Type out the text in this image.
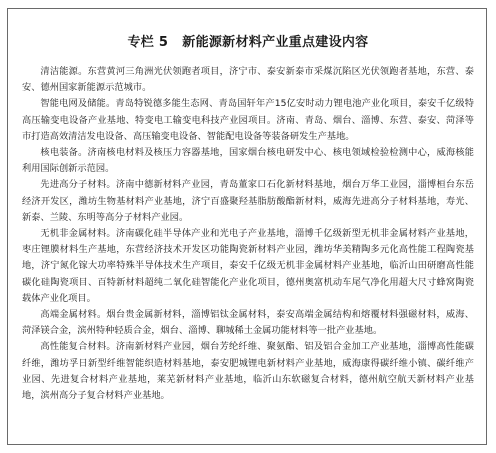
专栏 5 新能源新材料产业重点建设内容

清洁能源。东营黄河三角洲光伏领跑者项目，济宁市、泰安新泰市采煤沉陷区光伏领跑者基地，东营、泰安、德州国家新能源示范城市。

智能电网及储能。青岛特锐德多能生态网、青岛国轩年产15亿安时动力锂电池产业化项目，泰安千亿级特高压输变电设备产业基地、特变电工输变电科技产业园项目。济南、青岛、烟台、淄博、东营、泰安、菏泽等市打造高效清洁发电设备、高压输变电设备、智能配电设备等装备研发生产基地。

核电装备。济南核电材料及核压力容器基地，国家烟台核电研发中心、核电领域检验检测中心，威海核能利用国际创新示范园。

先进高分子材料。济南中德新材料产业园，青岛董家口石化新材料基地，烟台万华工业园，淄博桓台东岳经济开发区，潍坊生物基材料产业基地，济宁百盛聚羟基脂肪酸酯新材料，威海先进高分子材料基地，寿光、新泰、兰陵、东明等高分子材料产业园。

无机非金属材料。济南碳化硅半导体产业和光电子产业基地，淄博千亿级新型无机非金属材料产业基地，枣庄锂膜材料生产基地，东营经济技术开发区功能陶瓷新材料产业园，潍坊华美精陶多元化高性能工程陶瓷基地，济宁氮化镓大功率特殊半导体技术生产项目，泰安千亿级无机非金属材料产业基地，临沂山田研磨高性能碳化硅陶瓷项目、百特新材料超纯二氧化硅智能化产业化项目，德州奥富机动车尾气净化用超大尺寸蜂窝陶瓷载体产业化项目。

高端金属材料。烟台贵金属新材料，淄博铝钛金属材料，泰安高端金属结构和熔覆材料强磁材料，威海、菏泽镁合金，滨州特种轻质合金，烟台、淄博、聊城稀土金属功能材料等一批产业基地。

高性能复合材料。济南新材料产业园，烟台芳纶纤维、聚氨酯、铝及铝合金加工产业基地，淄博高性能碳纤维，潍坊孚日新型纤维智能织造材料基地，泰安肥城锂电新材料产业基地，威海康得碳纤维小镇、碳纤维产业园、先进复合材料产业基地，莱芜新材料产业基地，临沂山东软磁复合材料，德州航空航天新材料产业基地，滨州高分子复合材料产业基地。
